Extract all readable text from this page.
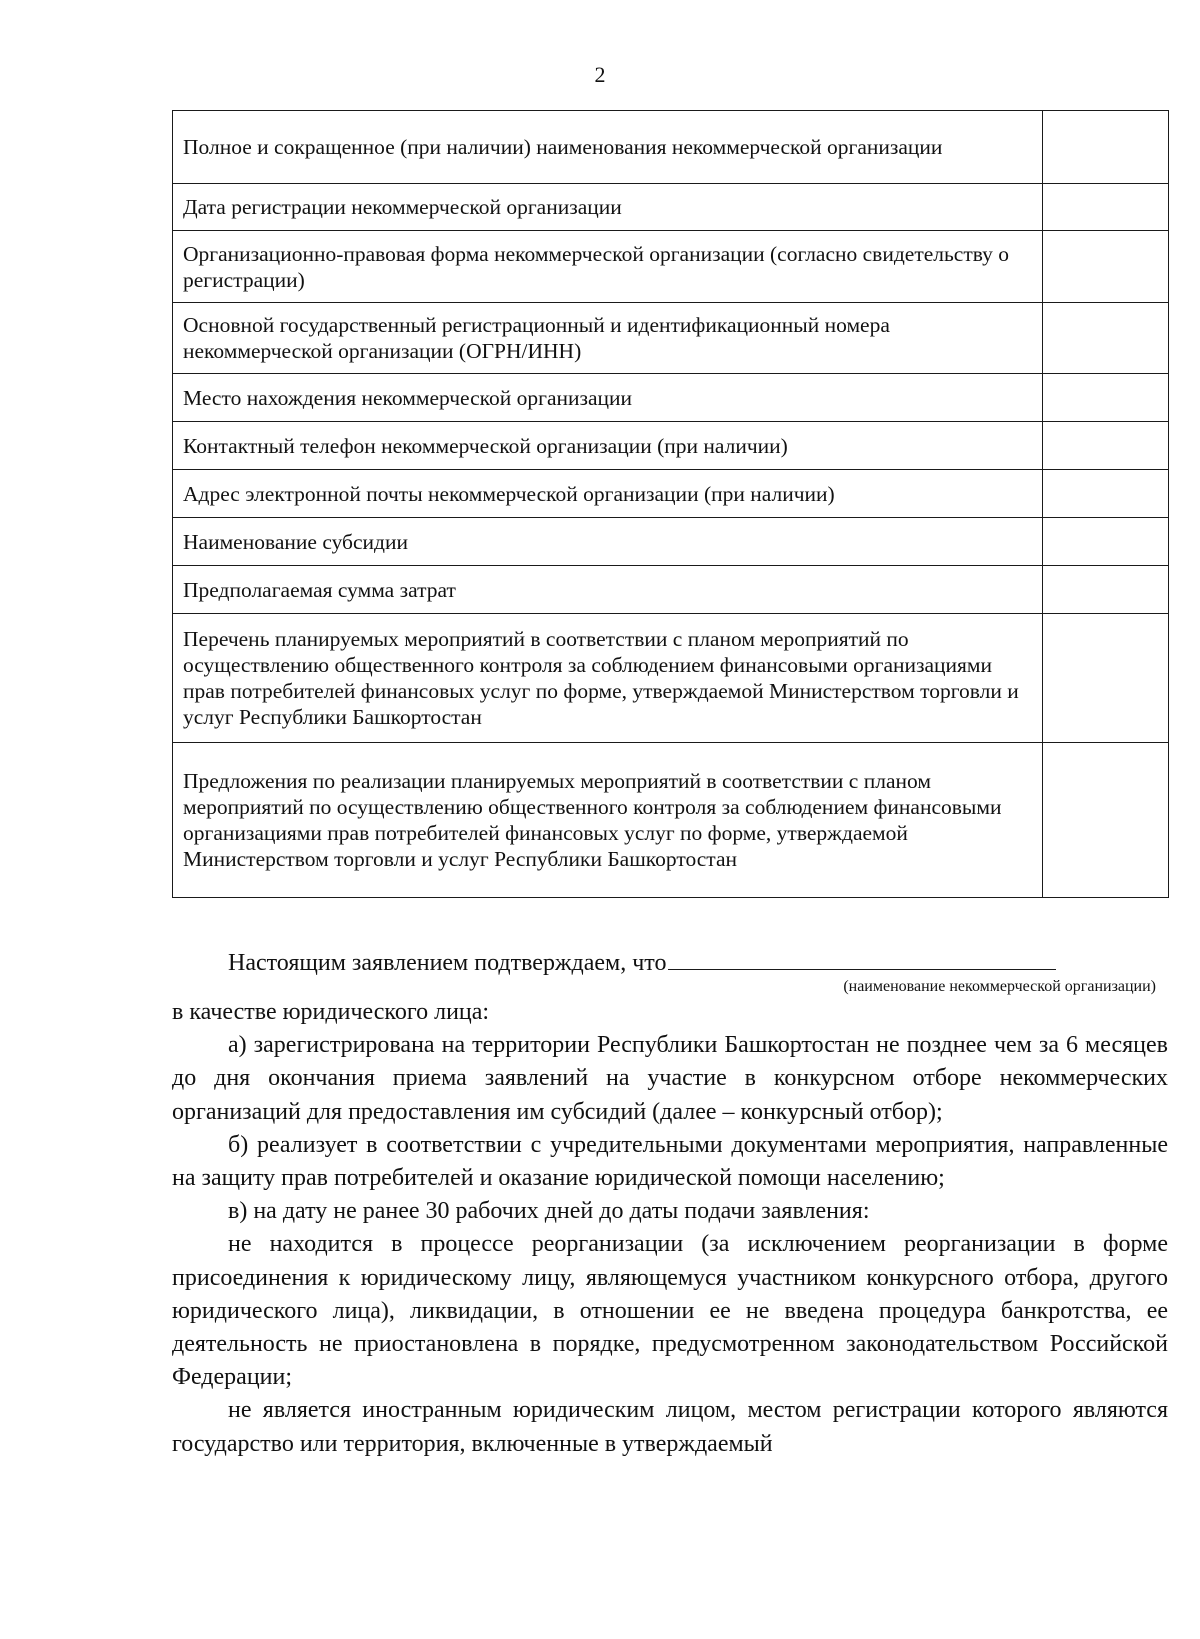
2
Полное и сокращенное (при наличии) наименования некоммерческой организации	
Дата регистрации некоммерческой организации	
Организационно-правовая форма некоммерческой организации (согласно свидетельству о регистрации)	
Основной государственный регистрационный и идентификационный номера некоммерческой организации (ОГРН/ИНН)	
Место нахождения некоммерческой организации	
Контактный телефон некоммерческой организации (при наличии)	
Адрес электронной почты некоммерческой организации (при наличии)	
Наименование субсидии	
Предполагаемая сумма затрат	
Перечень планируемых мероприятий в соответствии с планом мероприятий по осуществлению общественного контроля за соблюдением финансовыми организациями прав потребителей финансовых услуг по форме, утверждаемой Министерством торговли и услуг Республики Башкортостан	
Предложения по реализации планируемых мероприятий в соответствии с планом мероприятий по осуществлению общественного контроля за соблюдением финансовыми организациями прав потребителей финансовых услуг по форме, утверждаемой Министерством торговли и услуг Республики Башкортостан	
Настоящим заявлением подтверждаем, что
(наименование некоммерческой организации)

в качестве юридического лица:

а) зарегистрирована на территории Республики Башкортостан не позднее чем за 6 месяцев до дня окончания приема заявлений на участие в конкурсном отборе некоммерческих организаций для предоставления им субсидий (далее – конкурсный отбор);

б) реализует в соответствии с учредительными документами мероприятия, направленные на защиту прав потребителей и оказание юридической помощи населению;

в) на дату не ранее 30 рабочих дней до даты подачи заявления:

не находится в процессе реорганизации (за исключением реорганизации в форме присоединения к юридическому лицу, являющемуся участником конкурсного отбора, другого юридического лица), ликвидации, в отношении ее не введена процедура банкротства, ее деятельность не приостановлена в порядке, предусмотренном законодательством Российской Федерации;

не является иностранным юридическим лицом, местом регистрации которого являются государство или территория, включенные в утверждаемый
